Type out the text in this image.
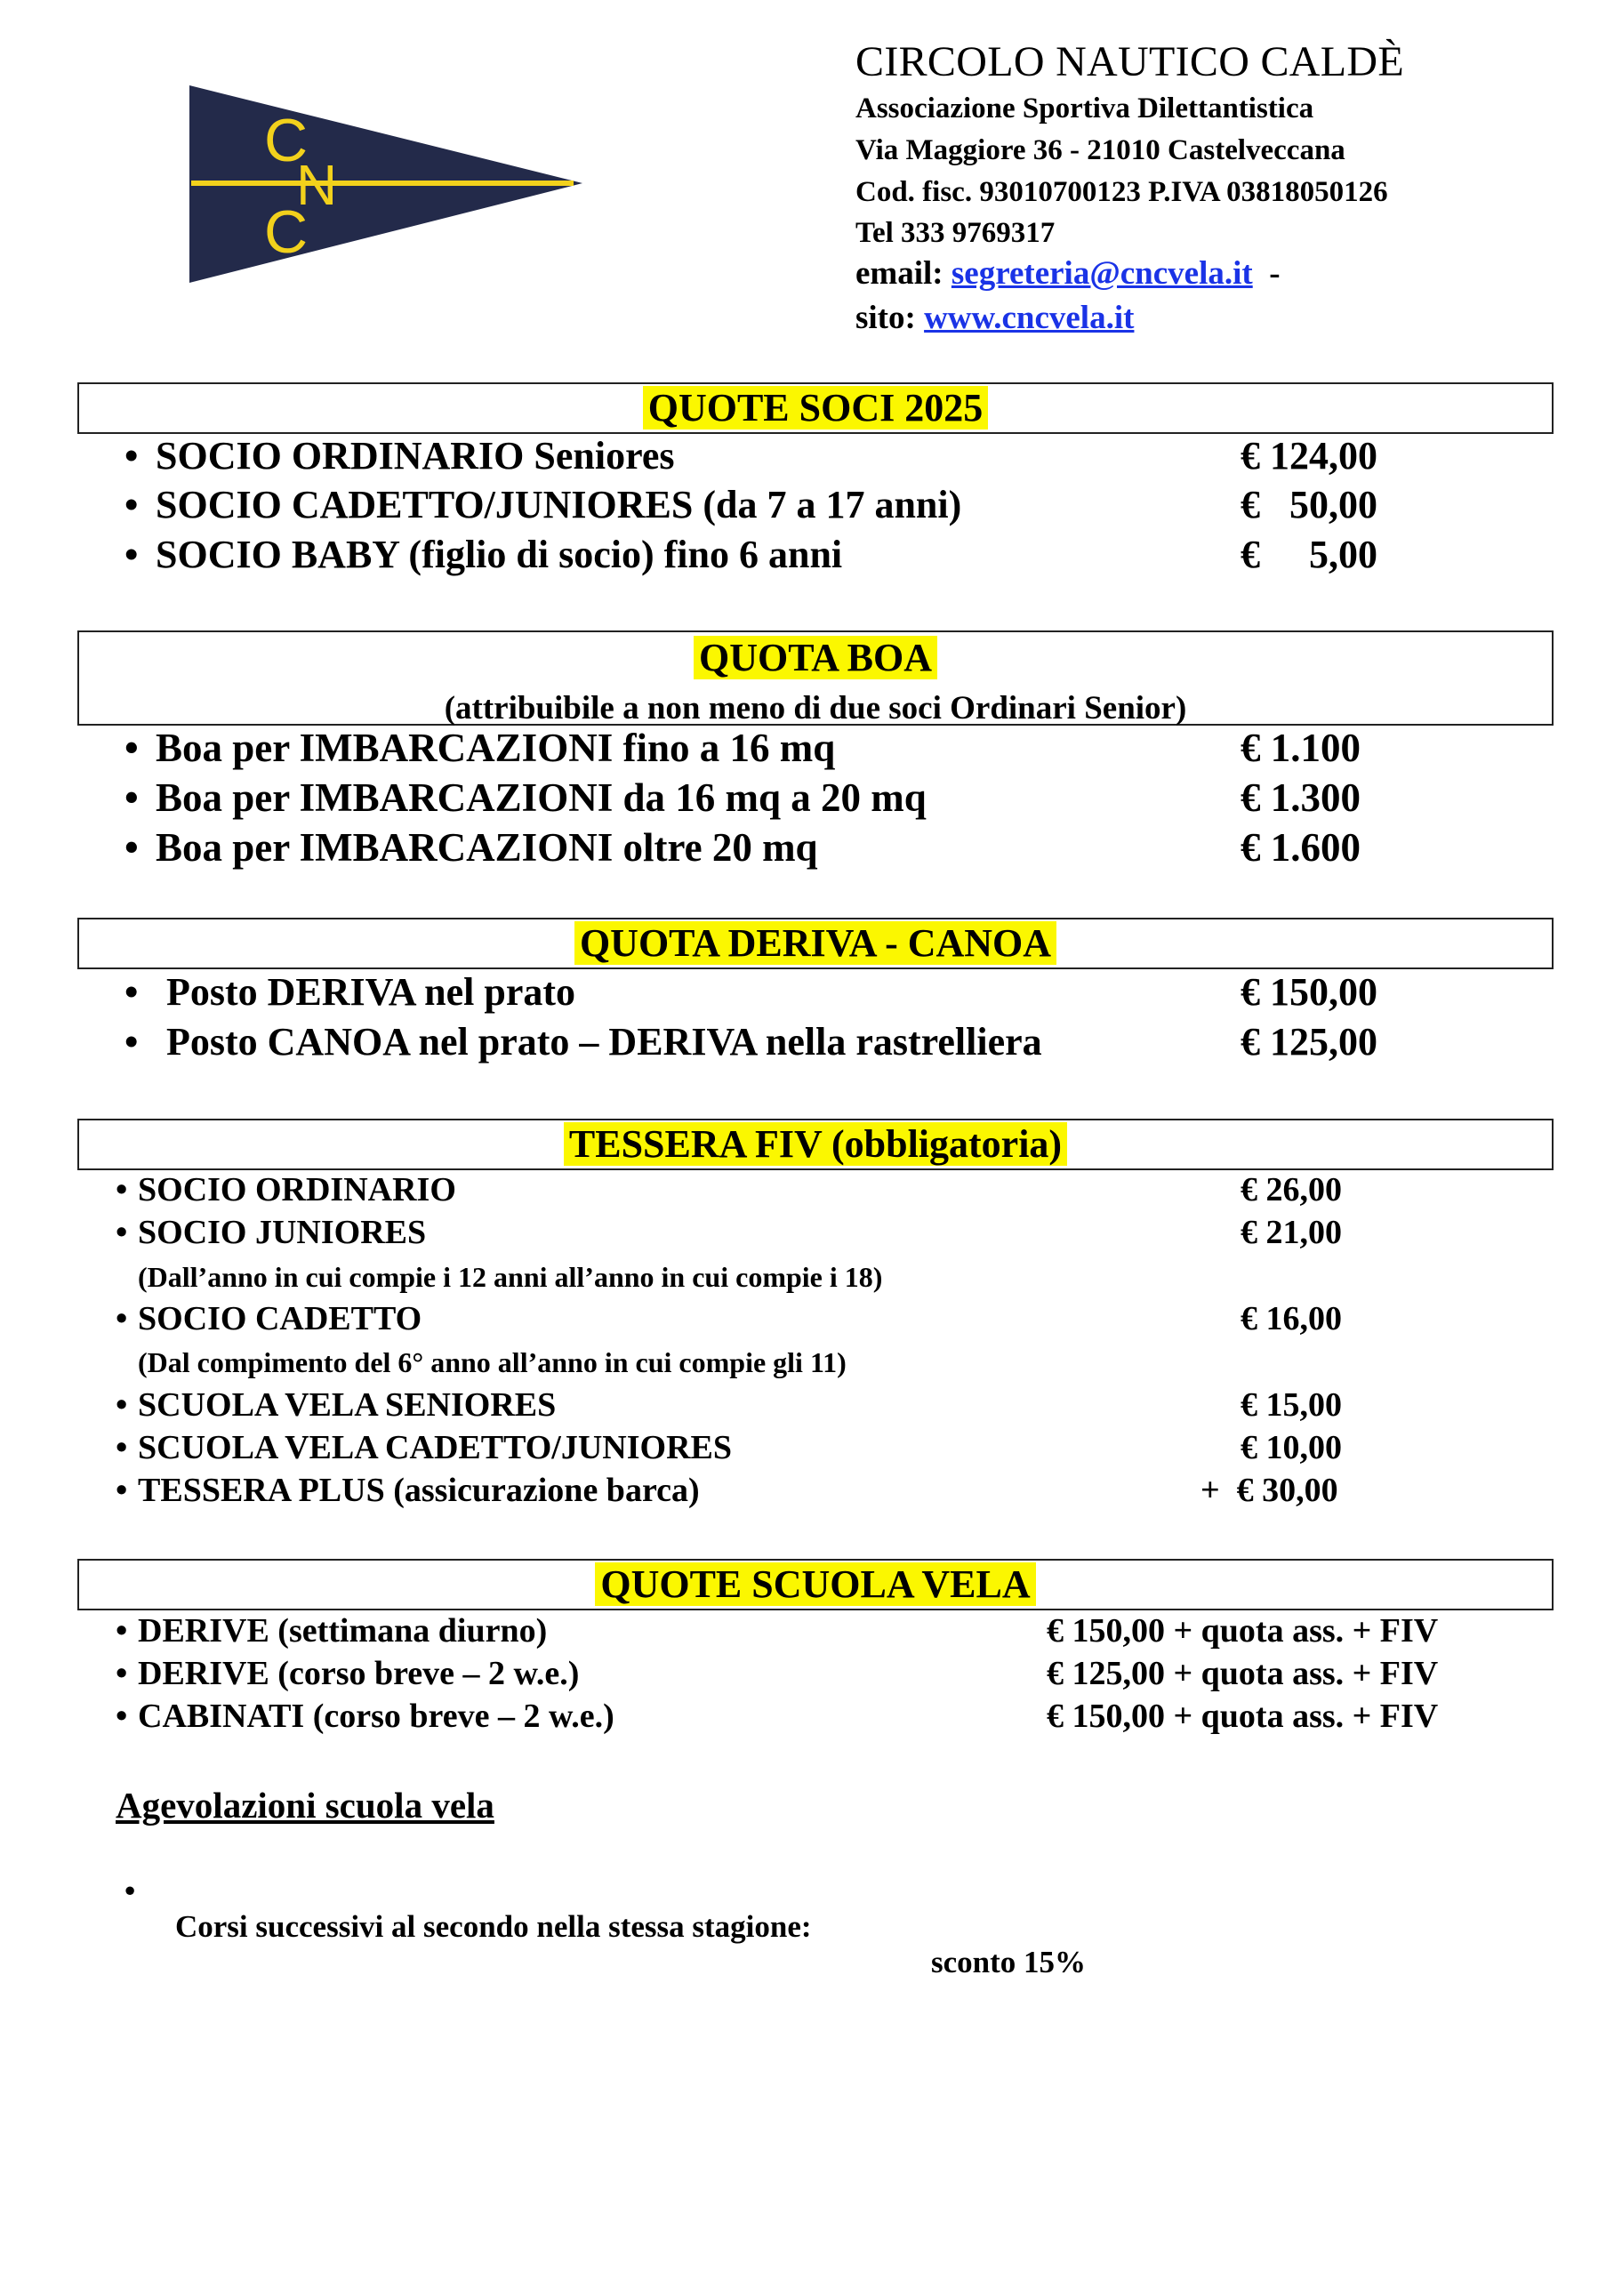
C
N
C
CIRCOLO NAUTICO CALDÈ
Associazione Sportiva Dilettantistica
Via Maggiore 36 - 21010 Castelveccana
Cod. fisc. 93010700123 P.IVA 03818050126
Tel 333 9769317
email: segreteria@cncvela.it  -
sito: www.cncvela.it
QUOTE SOCI 2025
• SOCIO ORDINARIO Seniores	€ 124,00
• SOCIO CADETTO/JUNIORES (da 7 a 17 anni)	€   50,00
• SOCIO BABY (figlio di socio) fino 6 anni	€     5,00
QUOTA BOA
(attribuibile a non meno di due soci Ordinari Senior)
• Boa per IMBARCAZIONI fino a 16 mq	€ 1.100
• Boa per IMBARCAZIONI da 16 mq a 20 mq	€ 1.300
• Boa per IMBARCAZIONI oltre 20 mq	€ 1.600
QUOTA DERIVA - CANOA
• Posto DERIVA nel prato	€ 150,00
• Posto CANOA nel prato – DERIVA nella rastrelliera	€ 125,00
TESSERA FIV (obbligatoria)
• SOCIO ORDINARIO	€ 26,00
• SOCIO JUNIORES	€ 21,00
(Dall’anno in cui compie i 12 anni all’anno in cui compie i 18)
• SOCIO CADETTO	€ 16,00
(Dal compimento del 6° anno all’anno in cui compie gli 11)
• SCUOLA VELA SENIORES	€ 15,00
• SCUOLA VELA CADETTO/JUNIORES	€ 10,00
• TESSERA PLUS (assicurazione barca)	+  € 30,00
QUOTE SCUOLA VELA
• DERIVE (settimana diurno)	€ 150,00 + quota ass. + FIV
• DERIVE (corso breve – 2 w.e.)	€ 125,00 + quota ass. + FIV
• CABINATI (corso breve – 2 w.e.)	€ 150,00 + quota ass. + FIV
Agevolazioni scuola vela

•

Corsi successivi al secondo nella stessa stagione:

sconto 15%
